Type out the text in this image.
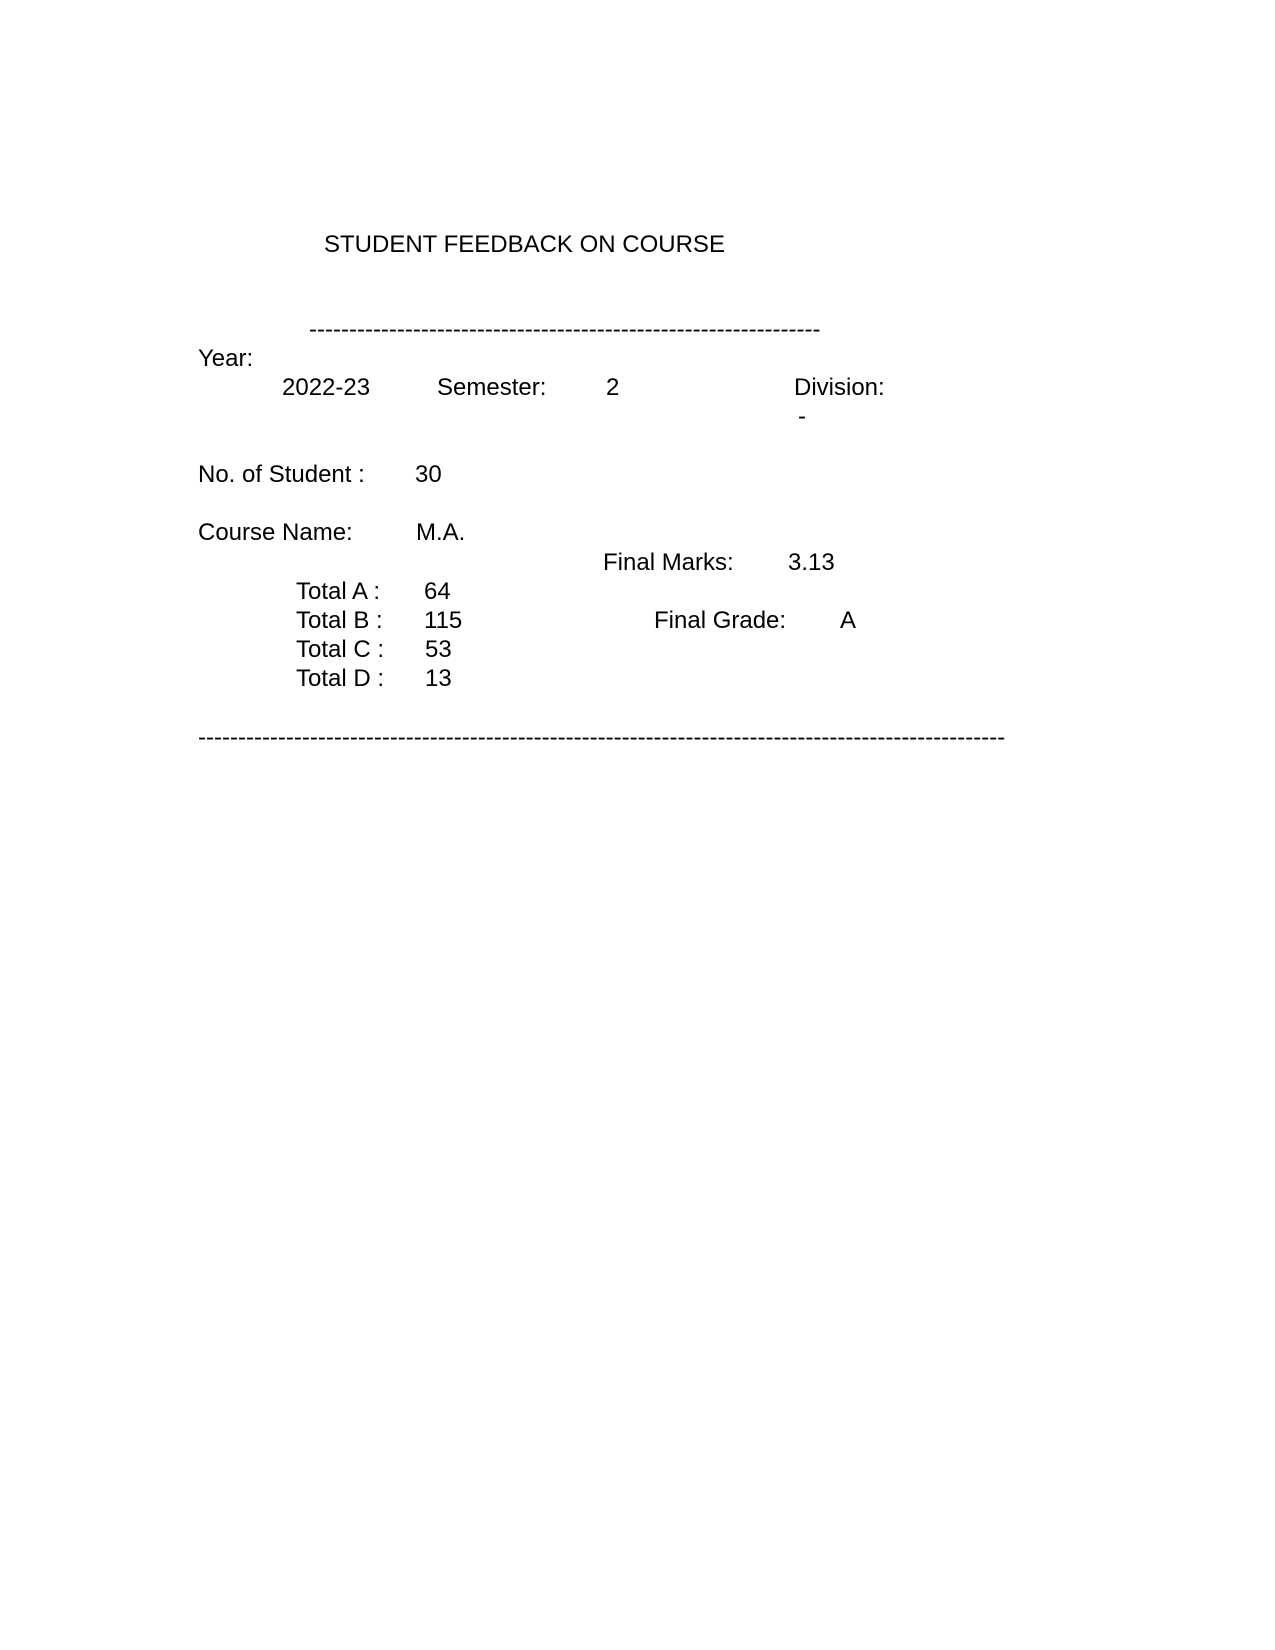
STUDENT FEEDBACK ON COURSE
----------------------------------------------------------------
Year:
2022-23	Semester: 2	Division:
-
No. of Student : 30
Course Name:	M.A.
Final Marks: 3.13
Total A : 64
Total B : 115
Total C : 53
Total D : 13
Final Grade: A
-----------------------------------------------------------------------------------------------------
